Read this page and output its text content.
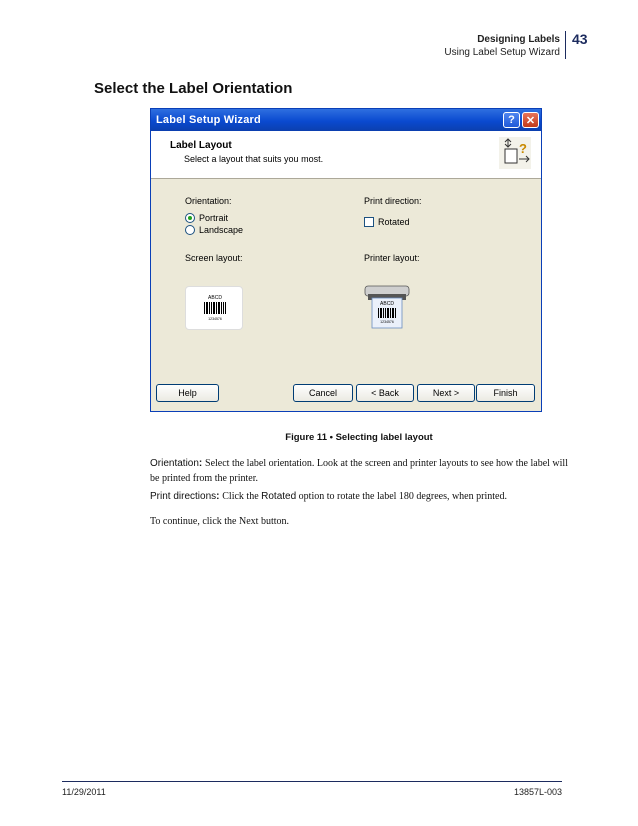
Designing Labels
Using Label Setup Wizard
43
Select the Label Orientation
Label Setup Wizard	?	✕
Label Layout
Select a layout that suits you most.
?
Orientation:
Portrait
Landscape
Print direction:
Rotated
Screen layout:	Printer layout:
ABCD
1234576
ABCD
1234576
Help	Cancel	< Back	Next >	Finish
Figure 11 • Selecting label layout

Orientation: Select the label orientation. Look at the screen and printer layouts to see how the label will be printed from the printer.

Print directions: Click the Rotated option to rotate the label 180 degrees, when printed.

To continue, click the Next button.

11/29/2011	13857L-003
